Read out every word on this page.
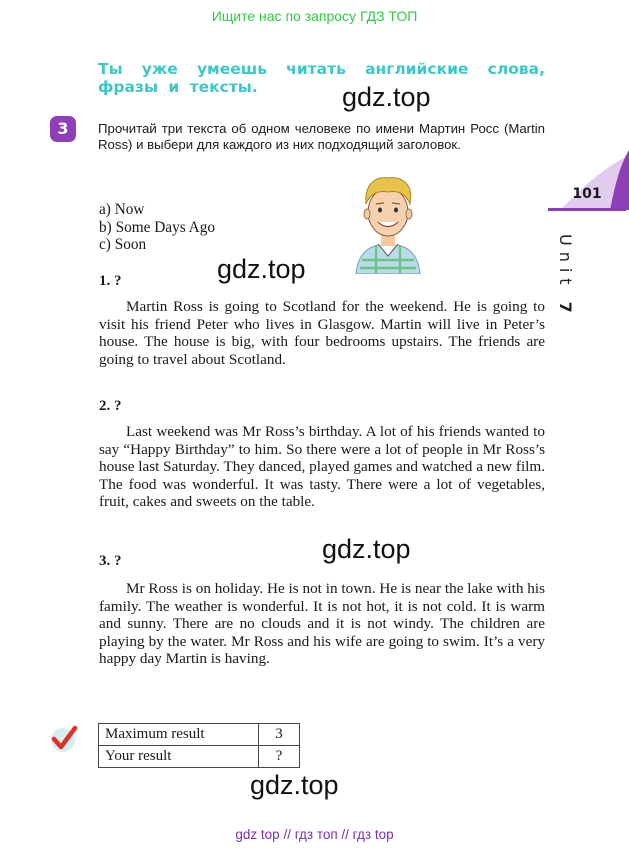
Ищите нас по запросу ГДЗ ТОП
Ты уже умеешь читать английские слова,
фразы и тексты.	gdz.top
3	Прочитай три текста об одном человеке по имени Мартин Росс (Martin Ross) и выбери для каждого из них подходящий заголовок.
101
Unit 7
a) Now
b) Some Days Ago
c) Soon
gdz.top
1. ?

Martin Ross is going to Scotland for the weekend. He is going to visit his friend Peter who lives in Glasgow. Martin will live in Peter’s house. The house is big, with four bedrooms upstairs. The friends are going to travel about Scotland.

2. ?

Last weekend was Mr Ross’s birthday. A lot of his friends wanted to say “Happy Birthday” to him. So there were a lot of people in Mr Ross’s house last Saturday. They danced, played games and watched a new film. The food was wonderful. It was tasty. There were a lot of vegetables, fruit, cakes and sweets on the table.

gdz.top
3. ?

Mr Ross is on holiday. He is not in town. He is near the lake with his family. The weather is wonderful. It is not hot, it is not cold. It is warm and sunny. There are no clouds and it is not windy. The children are playing by the water. Mr Ross and his wife are going to swim. It’s a very happy day Martin is having.

Maximum result	3
Your result	?
gdz.top
gdz top // гдз топ // гдз top
